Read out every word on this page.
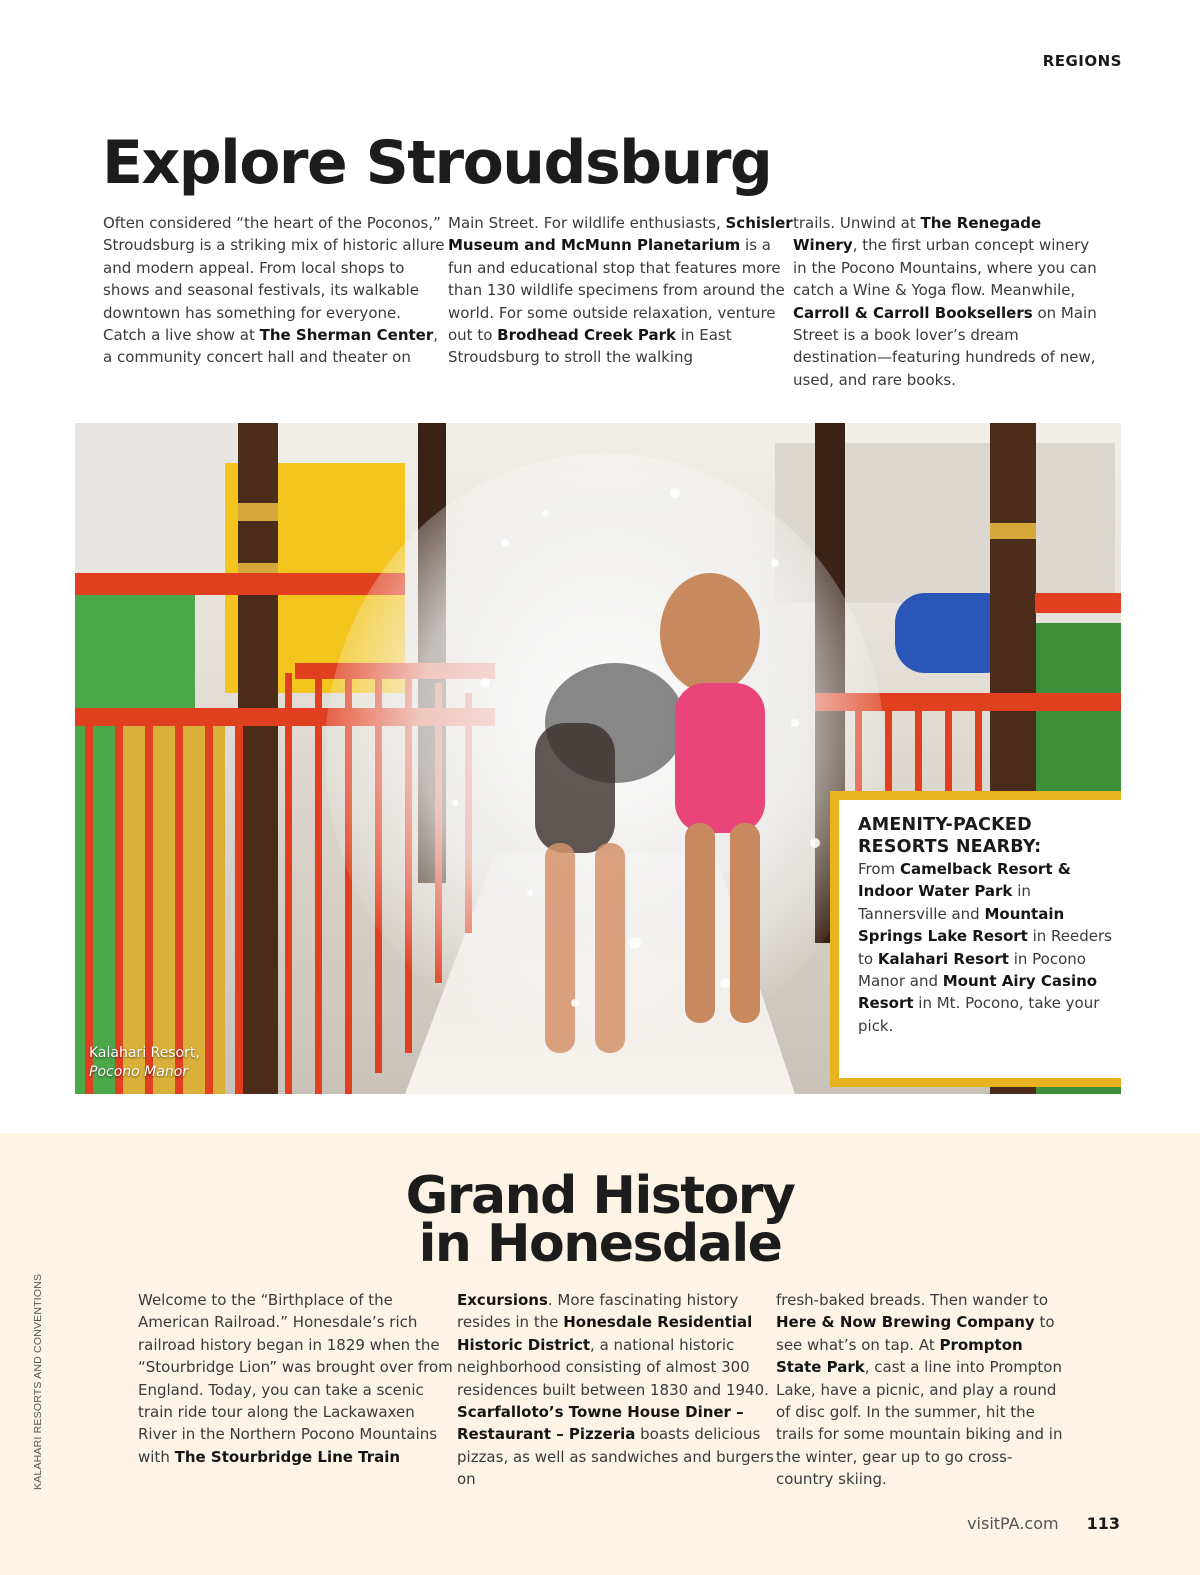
REGIONS
Explore Stroudsburg
Often considered “the heart of the Poconos,” Stroudsburg is a striking mix of historic allure and modern appeal. From local shops to shows and seasonal festivals, its walkable downtown has something for everyone. Catch a live show at The Sherman Center, a community concert hall and theater on
Main Street. For wildlife enthusiasts, Schisler Museum and McMunn Planetarium is a fun and educational stop that features more than 130 wildlife specimens from around the world. For some outside relaxation, venture out to Brodhead Creek Park in East Stroudsburg to stroll the walking
trails. Unwind at The Renegade Winery, the first urban concept winery in the Pocono Mountains, where you can catch a Wine & Yoga flow. Meanwhile, Carroll & Carroll Booksellers on Main Street is a book lover’s dream destination—featuring hundreds of new, used, and rare books.
Kalahari Resort,
Pocono Manor
AMENITY-PACKED RESORTS NEARBY:
From Camelback Resort & Indoor Water Park in Tannersville and Mountain Springs Lake Resort in Reeders to Kalahari Resort in Pocono Manor and Mount Airy Casino Resort in Mt. Pocono, take your pick.
Grand History
in Honesdale
Welcome to the “Birthplace of the American Railroad.” Honesdale’s rich railroad history began in 1829 when the “Stourbridge Lion” was brought over from England. Today, you can take a scenic train ride tour along the Lackawaxen River in the Northern Pocono Mountains with The Stourbridge Line Train
Excursions. More fascinating history resides in the Honesdale Residential Historic District, a national historic neighborhood consisting of almost 300 residences built between 1830 and 1940. Scarfalloto’s Towne House Diner – Restaurant – Pizzeria boasts delicious pizzas, as well as sandwiches and burgers on
fresh-baked breads. Then wander to Here & Now Brewing Company to see what’s on tap. At Prompton State Park, cast a line into Prompton Lake, have a picnic, and play a round of disc golf. In the summer, hit the trails for some mountain biking and in the winter, gear up to go cross-country skiing.
KALAHARI RESORTS AND CONVENTIONS
visitPA.com 113
